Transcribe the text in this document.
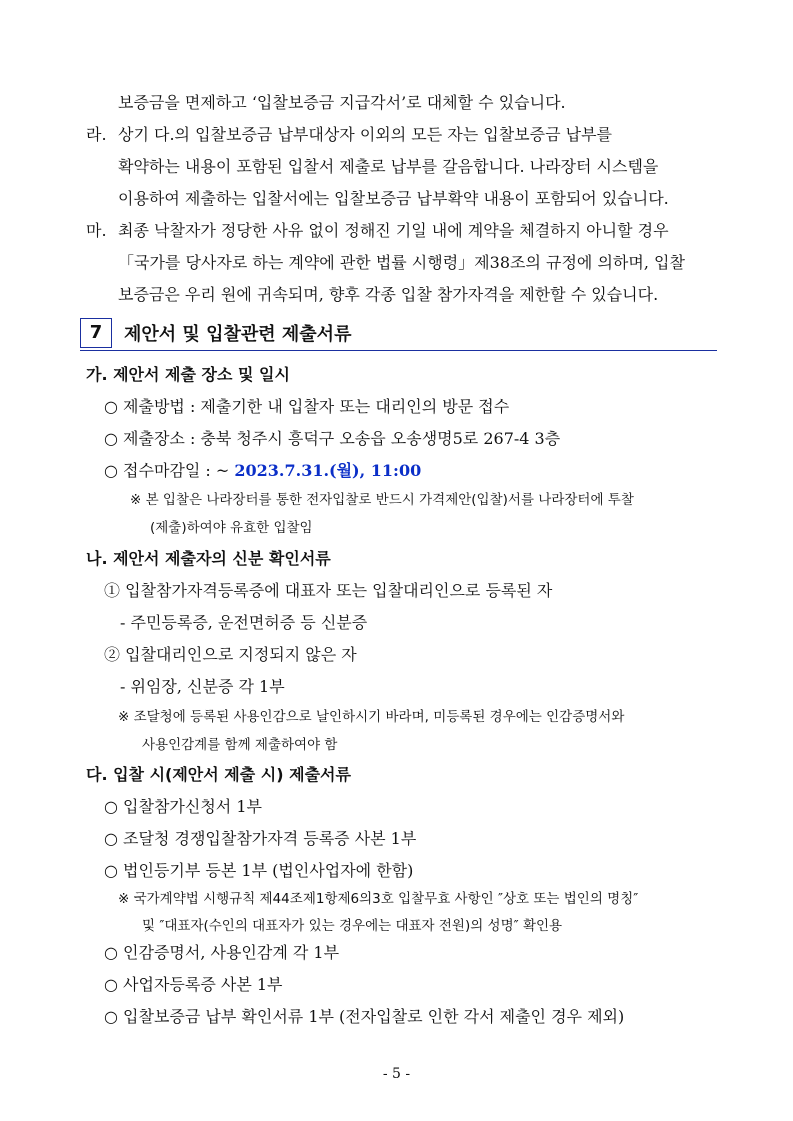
보증금을 면제하고 ‘입찰보증금 지급각서’로 대체할 수 있습니다.
라. 상기 다.의 입찰보증금 납부대상자 이외의 모든 자는 입찰보증금 납부를
확약하는 내용이 포함된 입찰서 제출로 납부를 갈음합니다. 나라장터 시스템을
이용하여 제출하는 입찰서에는 입찰보증금 납부확약 내용이 포함되어 있습니다.
마. 최종 낙찰자가 정당한 사유 없이 정해진 기일 내에 계약을 체결하지 아니할 경우
「국가를 당사자로 하는 계약에 관한 법률 시행령」제38조의 규정에 의하며, 입찰
보증금은 우리 원에 귀속되며, 향후 각종 입찰 참가자격을 제한할 수 있습니다.
7	제안서 및 입찰관련 제출서류
가. 제안서 제출 장소 및 일시
○ 제출방법 : 제출기한 내 입찰자 또는 대리인의 방문 접수
○ 제출장소 : 충북 청주시 흥덕구 오송읍 오송생명5로 267-4 3층
○ 접수마감일 : ~ 2023.7.31.(월), 11:00
※ 본 입찰은 나라장터를 통한 전자입찰로 반드시 가격제안(입찰)서를 나라장터에 투찰
(제출)하여야 유효한 입찰임
나. 제안서 제출자의 신분 확인서류
① 입찰참가자격등록증에 대표자 또는 입찰대리인으로 등록된 자
- 주민등록증, 운전면허증 등 신분증
② 입찰대리인으로 지정되지 않은 자
- 위임장, 신분증 각 1부
※ 조달청에 등록된 사용인감으로 날인하시기 바라며, 미등록된 경우에는 인감증명서와
사용인감계를 함께 제출하여야 함
다. 입찰 시(제안서 제출 시) 제출서류
○ 입찰참가신청서 1부
○ 조달청 경쟁입찰참가자격 등록증 사본 1부
○ 법인등기부 등본 1부 (법인사업자에 한함)
※ 국가계약법 시행규칙 제44조제1항제6의3호 입찰무효 사항인 ″상호 또는 법인의 명칭″
및 ″대표자(수인의 대표자가 있는 경우에는 대표자 전원)의 성명″ 확인용
○ 인감증명서, 사용인감계 각 1부
○ 사업자등록증 사본 1부
○ 입찰보증금 납부 확인서류 1부 (전자입찰로 인한 각서 제출인 경우 제외)
- 5 -
